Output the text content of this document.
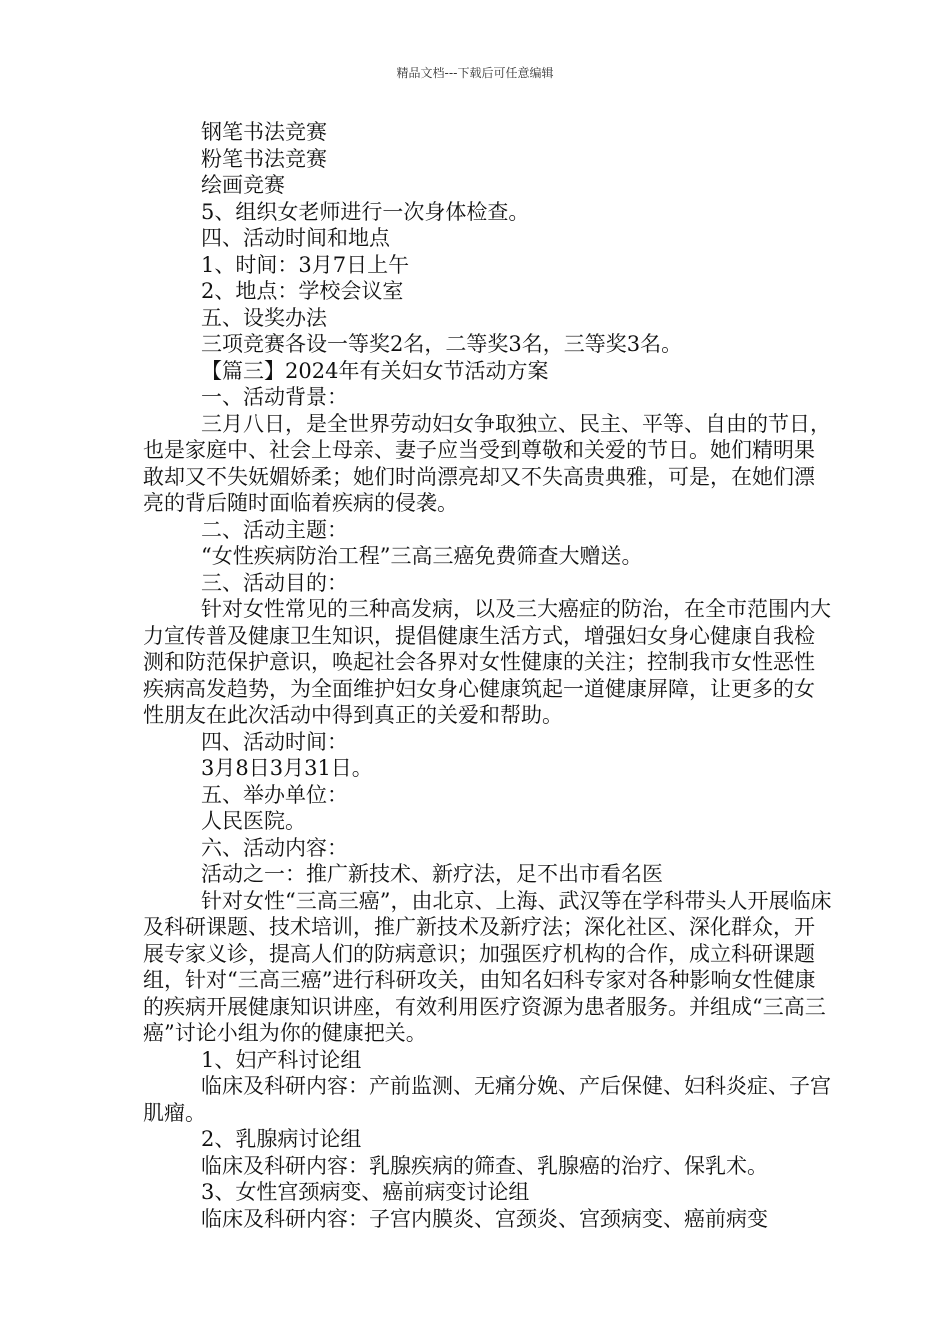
精品文档---下载后可任意编辑

钢笔书法竞赛

粉笔书法竞赛

绘画竞赛

5、组织女老师进行一次身体检查。

四、活动时间和地点

1、时间：3月7日上午

2、地点：学校会议室

五、设奖办法

三项竞赛各设一等奖2名，二等奖3名，三等奖3名。

【篇三】2024年有关妇女节活动方案

一、活动背景：

三月八日，是全世界劳动妇女争取独立、民主、平等、自由的节日，也是家庭中、社会上母亲、妻子应当受到尊敬和关爱的节日。她们精明果敢却又不失妩媚娇柔；她们时尚漂亮却又不失高贵典雅，可是，在她们漂亮的背后随时面临着疾病的侵袭。

二、活动主题：

“女性疾病防治工程”三高三癌免费筛查大赠送。

三、活动目的：

针对女性常见的三种高发病，以及三大癌症的防治，在全市范围内大力宣传普及健康卫生知识，提倡健康生活方式，增强妇女身心健康自我检测和防范保护意识，唤起社会各界对女性健康的关注；控制我市女性恶性疾病高发趋势，为全面维护妇女身心健康筑起一道健康屏障，让更多的女性朋友在此次活动中得到真正的关爱和帮助。

四、活动时间：

3月8日3月31日。

五、举办单位：

人民医院。

六、活动内容：

活动之一：推广新技术、新疗法，足不出市看名医

针对女性“三高三癌”，由北京、上海、武汉等在学科带头人开展临床及科研课题、技术培训，推广新技术及新疗法；深化社区、深化群众，开展专家义诊，提高人们的防病意识；加强医疗机构的合作，成立科研课题组，针对“三高三癌”进行科研攻关，由知名妇科专家对各种影响女性健康的疾病开展健康知识讲座，有效利用医疗资源为患者服务。并组成“三高三癌”讨论小组为你的健康把关。

1、妇产科讨论组

临床及科研内容：产前监测、无痛分娩、产后保健、妇科炎症、子宫肌瘤。

2、乳腺病讨论组

临床及科研内容：乳腺疾病的筛查、乳腺癌的治疗、保乳术。

3、女性宫颈病变、癌前病变讨论组

临床及科研内容：子宫内膜炎、宫颈炎、宫颈病变、癌前病变
